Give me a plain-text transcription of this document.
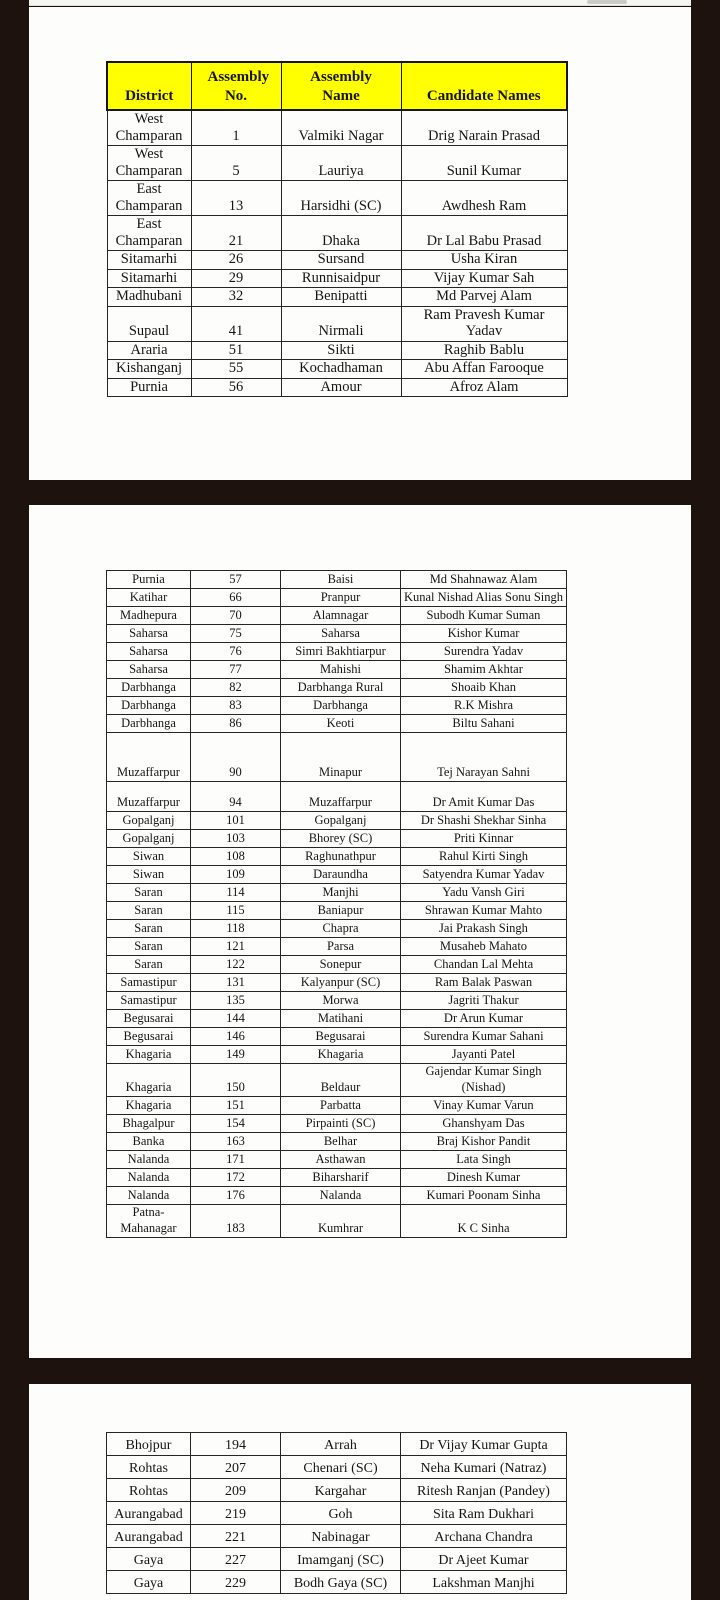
District	Assembly No.	Assembly Name	Candidate Names
West Champaran	1	Valmiki Nagar	Drig Narain Prasad
West Champaran	5	Lauriya	Sunil Kumar
East Champaran	13	Harsidhi (SC)	Awdhesh Ram
East Champaran	21	Dhaka	Dr Lal Babu Prasad
Sitamarhi	26	Sursand	Usha Kiran
Sitamarhi	29	Runnisaidpur	Vijay Kumar Sah
Madhubani	32	Benipatti	Md Parvej Alam
Supaul	41	Nirmali	Ram Pravesh Kumar Yadav
Araria	51	Sikti	Raghib Bablu
Kishanganj	55	Kochadhaman	Abu Affan Farooque
Purnia	56	Amour	Afroz Alam
Purnia	57	Baisi	Md Shahnawaz Alam
Katihar	66	Pranpur	Kunal Nishad Alias Sonu Singh
Madhepura	70	Alamnagar	Subodh Kumar Suman
Saharsa	75	Saharsa	Kishor Kumar
Saharsa	76	Simri Bakhtiarpur	Surendra Yadav
Saharsa	77	Mahishi	Shamim Akhtar
Darbhanga	82	Darbhanga Rural	Shoaib Khan
Darbhanga	83	Darbhanga	R.K Mishra
Darbhanga	86	Keoti	Biltu Sahani
Muzaffarpur	90	Minapur	Tej Narayan Sahni
Muzaffarpur	94	Muzaffarpur	Dr Amit Kumar Das
Gopalganj	101	Gopalganj	Dr Shashi Shekhar Sinha
Gopalganj	103	Bhorey (SC)	Priti Kinnar
Siwan	108	Raghunathpur	Rahul Kirti Singh
Siwan	109	Daraundha	Satyendra Kumar Yadav
Saran	114	Manjhi	Yadu Vansh Giri
Saran	115	Baniapur	Shrawan Kumar Mahto
Saran	118	Chapra	Jai Prakash Singh
Saran	121	Parsa	Musaheb Mahato
Saran	122	Sonepur	Chandan Lal Mehta
Samastipur	131	Kalyanpur (SC)	Ram Balak Paswan
Samastipur	135	Morwa	Jagriti Thakur
Begusarai	144	Matihani	Dr Arun Kumar
Begusarai	146	Begusarai	Surendra Kumar Sahani
Khagaria	149	Khagaria	Jayanti Patel
Khagaria	150	Beldaur	Gajendar Kumar Singh (Nishad)
Khagaria	151	Parbatta	Vinay Kumar Varun
Bhagalpur	154	Pirpainti (SC)	Ghanshyam Das
Banka	163	Belhar	Braj Kishor Pandit
Nalanda	171	Asthawan	Lata Singh
Nalanda	172	Biharsharif	Dinesh Kumar
Nalanda	176	Nalanda	Kumari Poonam Sinha
Patna-Mahanagar	183	Kumhrar	K C Sinha
Bhojpur	194	Arrah	Dr Vijay Kumar Gupta
Rohtas	207	Chenari (SC)	Neha Kumari (Natraz)
Rohtas	209	Kargahar	Ritesh Ranjan (Pandey)
Aurangabad	219	Goh	Sita Ram Dukhari
Aurangabad	221	Nabinagar	Archana Chandra
Gaya	227	Imamganj (SC)	Dr Ajeet Kumar
Gaya	229	Bodh Gaya (SC)	Lakshman Manjhi
